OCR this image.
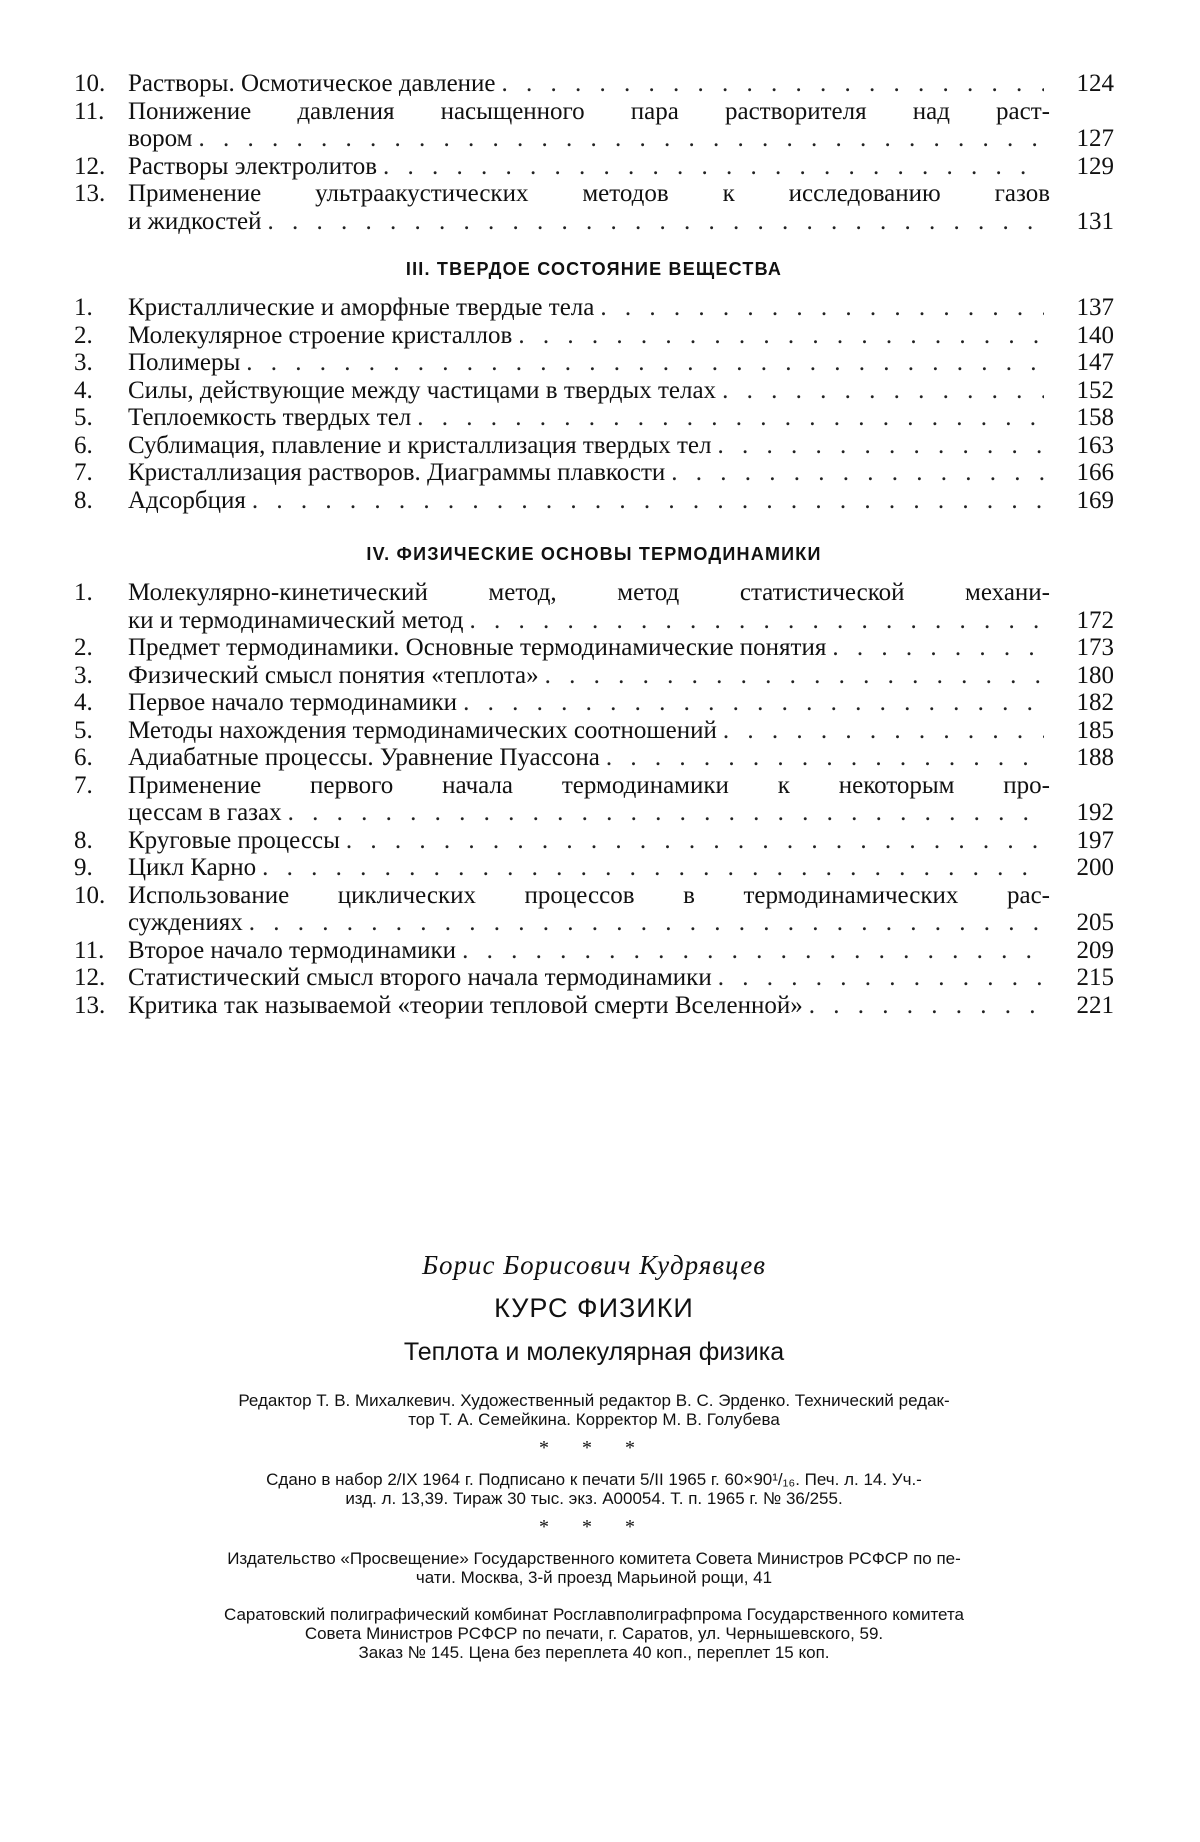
10. Растворы. Осмотическое давление . . .	124
11. Понижение давления насыщенного пара растворителя над раст-
вором . . .	127
12. Растворы электролитов . . .	129
13. Применение ультраакустических методов к исследованию газов
и жидкостей . . .	131
III. ТВЕРДОЕ СОСТОЯНИЕ ВЕЩЕСТВА
1.	Кристаллические и аморфные твердые тела . . .	137
2.	Молекулярное строение кристаллов . . .	140
3.	Полимеры . . .	147
4.	Силы, действующие между частицами в твердых телах . . .	152
5.	Теплоемкость твердых тел . . .	158
6.	Сублимация, плавление и кристаллизация твердых тел . . .	163
7.	Кристаллизация растворов. Диаграммы плавкости . . .	166
8.	Адсорбция . . .	169
IV. ФИЗИЧЕСКИЕ ОСНОВЫ ТЕРМОДИНАМИКИ
1.	Молекулярно-кинетический метод, метод статистической механи-
ки и термодинамический метод . . .	172
2.	Предмет термодинамики. Основные термодинамические понятия . . .	173
3.	Физический смысл понятия «теплота» . . .	180
4.	Первое начало термодинамики . . .	182
5.	Методы нахождения термодинамических соотношений . . .	185
6.	Адиабатные процессы. Уравнение Пуассона . . .	188
7.	Применение первого начала термодинамики к некоторым про-
цессам в газах . . .	192
8.	Круговые процессы . . .	197
9.	Цикл Карно . . .	200
10. Использование циклических процессов в термодинамических рас-
суждениях . . .	205
11. Второе начало термодинамики . . .	209
12. Статистический смысл второго начала термодинамики . . .	215
13. Критика так называемой «теории тепловой смерти Вселенной» . . .	221
Борис Борисович Кудрявцев
КУРС ФИЗИКИ
Теплота и молекулярная физика
Редактор Т. В. Михалкевич. Художественный редактор В. С. Эрденко. Технический редак-
тор Т. А. Семейкина. Корректор М. В. Голубева
* * *
Сдано в набор 2/IX 1964 г. Подписано к печати 5/II 1965 г. 60×90¹/₁₆. Печ. л. 14. Уч.-
изд. л. 13,39. Тираж 30 тыс. экз. А00054. Т. п. 1965 г. № 36/255.
* * *
Издательство «Просвещение» Государственного комитета Совета Министров РСФСР по пе-
чати. Москва, 3-й проезд Марьиной рощи, 41
Саратовский полиграфический комбинат Росглавполиграфпрома Государственного комитета
Совета Министров РСФСР по печати, г. Саратов, ул. Чернышевского, 59.
Заказ № 145. Цена без переплета 40 коп., переплет 15 коп.
